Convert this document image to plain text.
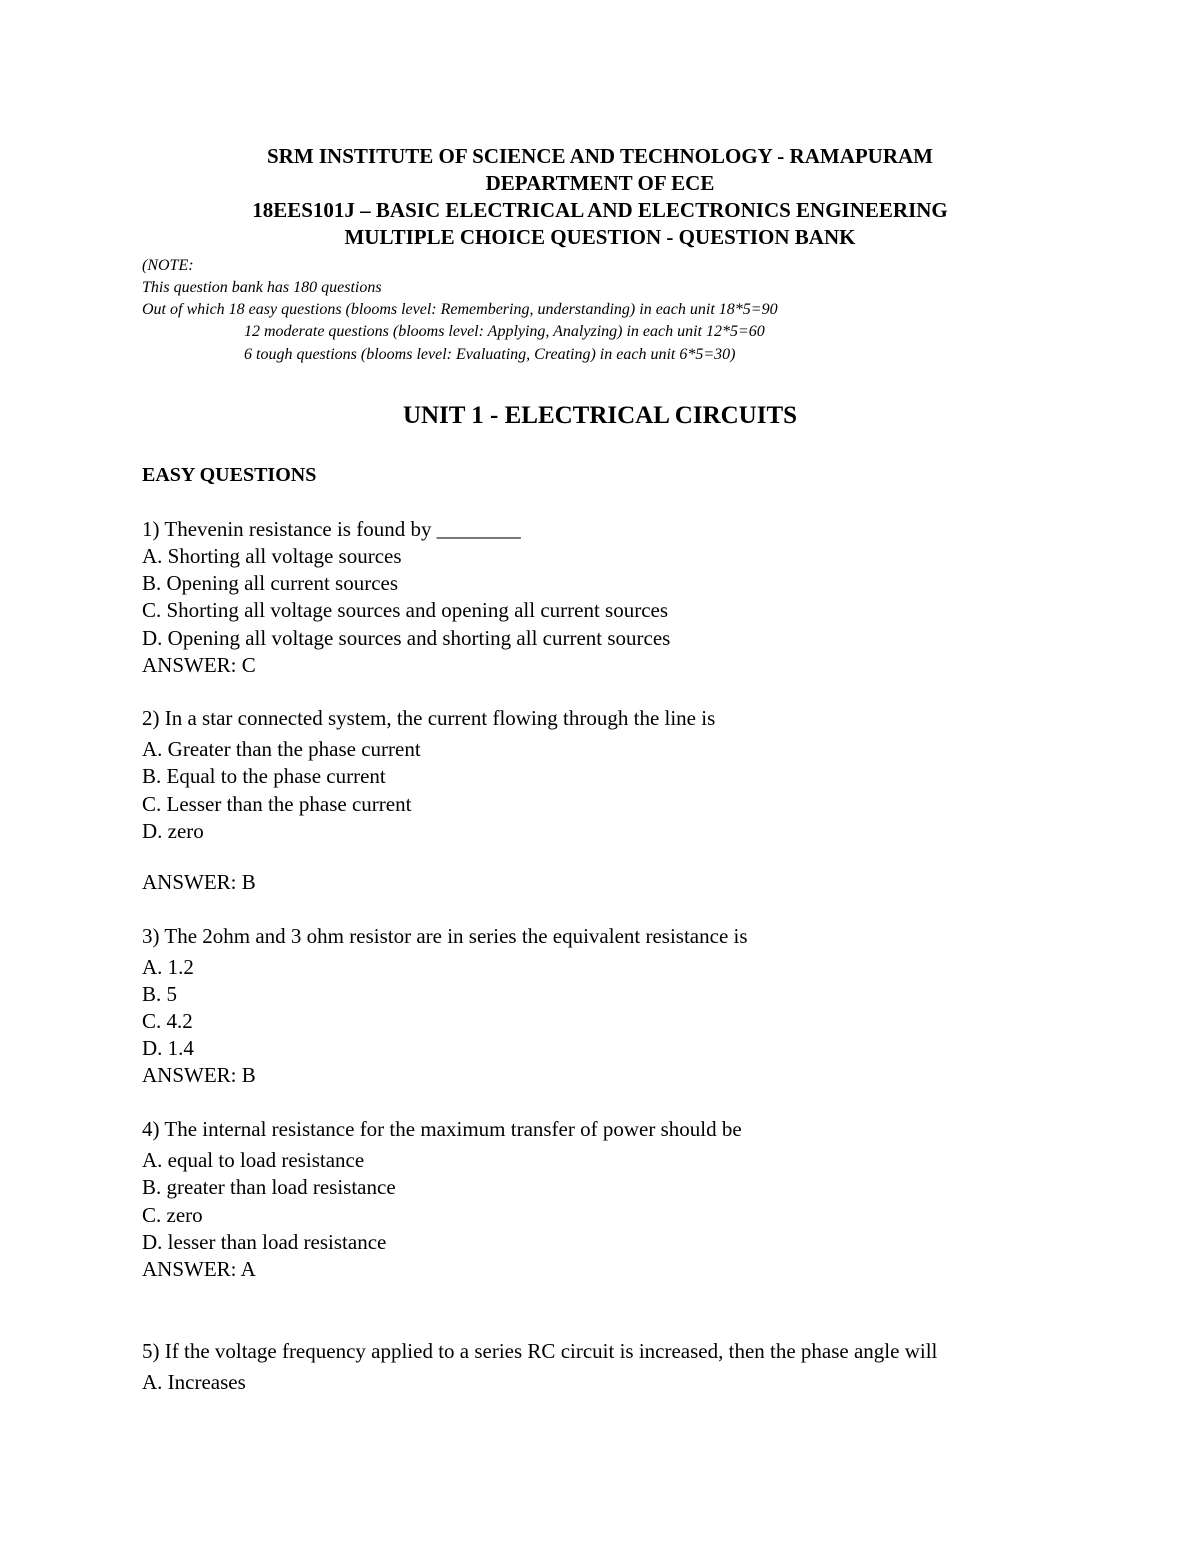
SRM INSTITUTE OF SCIENCE AND TECHNOLOGY - RAMAPURAM
DEPARTMENT OF ECE
18EES101J – BASIC ELECTRICAL AND ELECTRONICS ENGINEERING
MULTIPLE CHOICE QUESTION - QUESTION BANK
(NOTE:
This question bank has 180 questions
Out of which 18 easy questions (blooms level: Remembering, understanding) in each unit 18*5=90
12 moderate questions (blooms level: Applying, Analyzing) in each unit 12*5=60
6 tough questions (blooms level: Evaluating, Creating) in each unit 6*5=30)
UNIT 1 - ELECTRICAL CIRCUITS
EASY QUESTIONS
1) Thevenin resistance is found by ________
A. Shorting all voltage sources
B. Opening all current sources
C. Shorting all voltage sources and opening all current sources
D. Opening all voltage sources and shorting all current sources
ANSWER: C
2) In a star connected system, the current flowing through the line is
A. Greater than the phase current
B. Equal to the phase current
C. Lesser than the phase current
D. zero
ANSWER: B
3) The 2ohm and 3 ohm resistor are in series the equivalent resistance is
A. 1.2
B. 5
C. 4.2
D. 1.4
ANSWER: B
4) The internal resistance for the maximum transfer of power should be
A. equal to load resistance
B. greater than load resistance
C. zero
D. lesser than load resistance
ANSWER: A
5) If the voltage frequency applied to a series RC circuit is increased, then the phase angle will
A. Increases
